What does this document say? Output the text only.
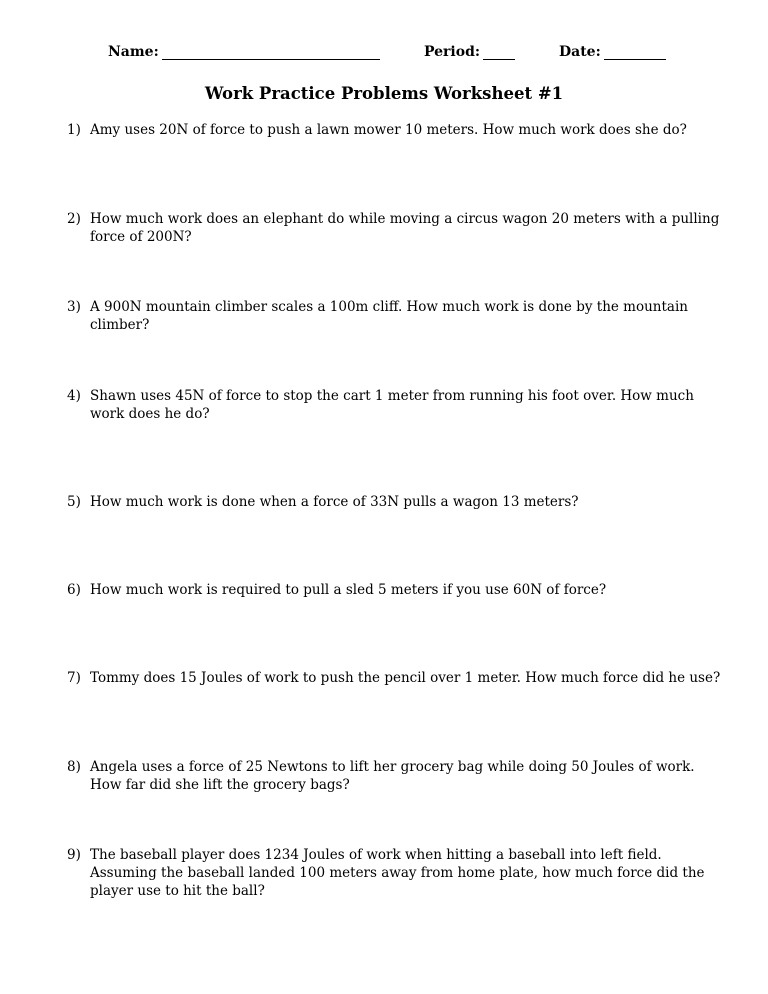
Name:	Period:	Date:
Work Practice Problems Worksheet #1
1) Amy uses 20N of force to push a lawn mower 10 meters. How much work does she do?
2) How much work does an elephant do while moving a circus wagon 20 meters with a pulling force of 200N?
3) A 900N mountain climber scales a 100m cliff. How much work is done by the mountain climber?
4) Shawn uses 45N of force to stop the cart 1 meter from running his foot over. How much work does he do?
5) How much work is done when a force of 33N pulls a wagon 13 meters?
6) How much work is required to pull a sled 5 meters if you use 60N of force?
7) Tommy does 15 Joules of work to push the pencil over 1 meter. How much force did he use?
8) Angela uses a force of 25 Newtons to lift her grocery bag while doing 50 Joules of work. How far did she lift the grocery bags?
9) The baseball player does 1234 Joules of work when hitting a baseball into left field. Assuming the baseball landed 100 meters away from home plate, how much force did the player use to hit the ball?
